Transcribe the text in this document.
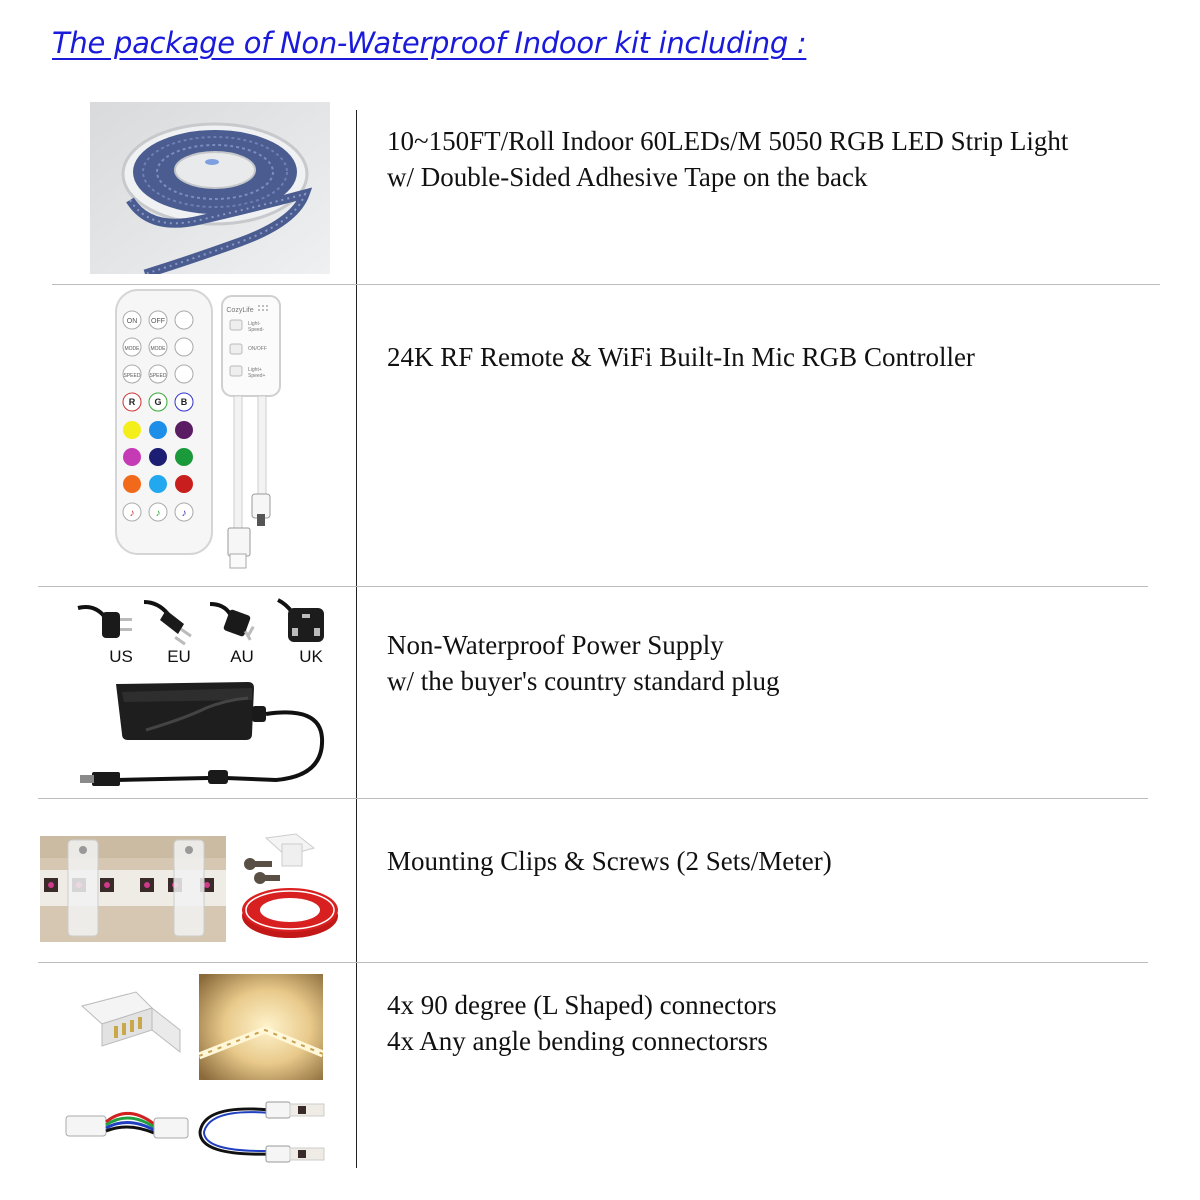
The package of Non-Waterproof Indoor kit including :
10~150FT/Roll Indoor 60LEDs/M 5050 RGB LED Strip Light
w/ Double-Sided Adhesive Tape on the back
24K RF Remote & WiFi Built-In Mic RGB Controller
ON OFF
MODE MODE
SPEED SPEED
R G B
♪ ♪ ♪
CozyLife
Light-
Speed-
ON/OFF
Light+
Speed+
Non-Waterproof Power Supply
w/ the buyer's country standard plug
US	EU	AU	UK
Mounting Clips & Screws (2 Sets/Meter)
4x 90 degree (L Shaped) connectors
4x Any angle bending connectorsrs
